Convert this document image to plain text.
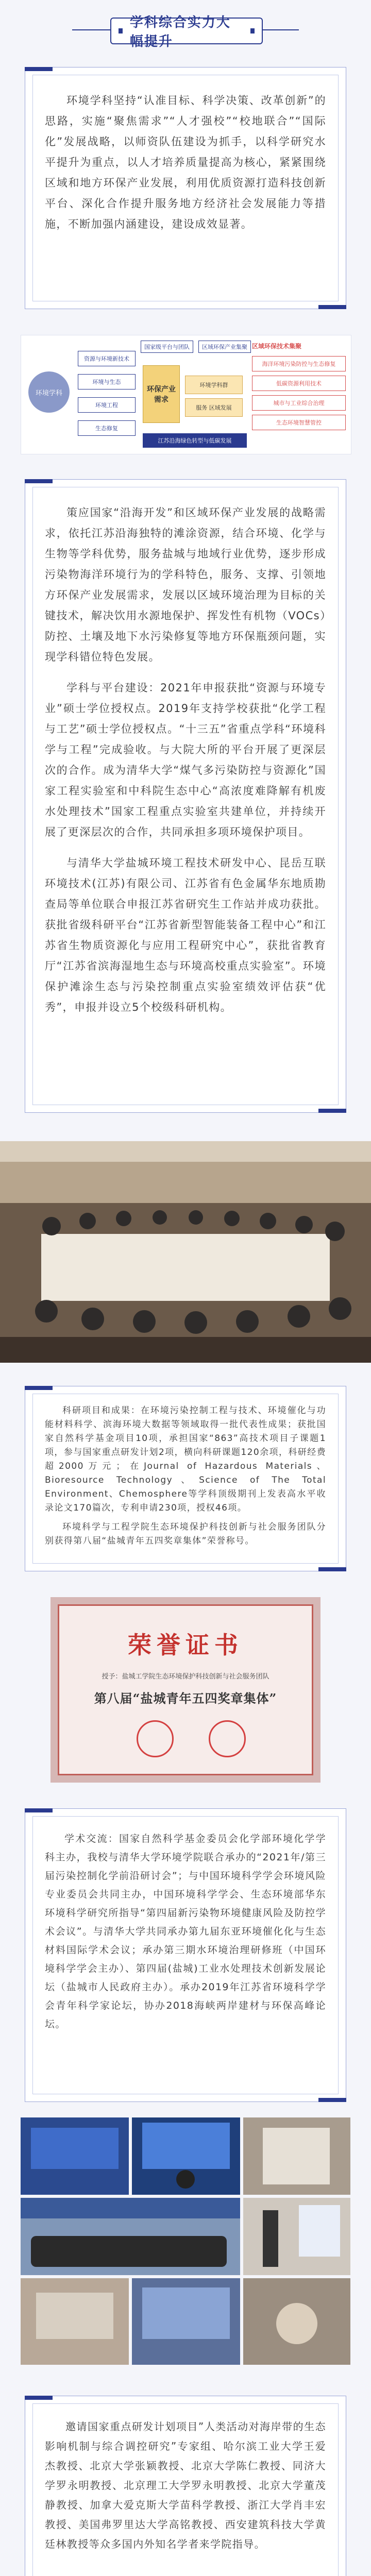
学科综合实力大幅提升

环境学科坚持“认准目标、科学决策、改革创新”的思路，实施“聚焦需求”“人才强校”“校地联合”“国际化”发展战略，以师资队伍建设为抓手，以科学研究水平提升为重点，以人才培养质量提高为核心，紧紧围绕区域和地方环保产业发展，利用优质资源打造科技创新平台、深化合作提升服务地方经济社会发展能力等措施，不断加强内涵建设，建设成效显著。

环境学科
资源与环境新技术
环境与生态
环境工程
生态修复
国家级平台与团队	区域环保产业集聚
环保产业 需求
环境学科群
服务 区域发展
区域环保技术集聚
海洋环境污染防控与生态修复
低碳资源利用技术
城市与工业综合治理
生态环境智慧管控
江苏沿海绿色转型与低碳发展

策应国家“沿海开发”和区域环保产业发展的战略需求，依托江苏沿海独特的滩涂资源，结合环境、化学与生物等学科优势，服务盐城与地域行业优势，逐步形成污染物海洋环境行为的学科特色，服务、支撑、引领地方环保产业发展需求，发展以区域环境治理为目标的关键技术，解决饮用水源地保护、挥发性有机物（VOCs）防控、土壤及地下水污染修复等地方环保瓶颈问题，实现学科错位特色发展。

学科与平台建设：2021年申报获批“资源与环境专业”硕士学位授权点。2019年支持学校获批“化学工程与工艺”硕士学位授权点。“十三五”省重点学科“环境科学与工程”完成验收。与大院大所的平台开展了更深层次的合作。成为清华大学“煤气多污染防控与资源化”国家工程实验室和中科院生态中心“高浓度难降解有机废水处理技术”国家工程重点实验室共建单位，并持续开展了更深层次的合作，共同承担多项环境保护项目。

与清华大学盐城环境工程技术研发中心、昆岳互联环境技术(江苏)有限公司、江苏省有色金属华东地质勘查局等单位联合申报江苏省研究生工作站并成功获批。获批省级科研平台“江苏省新型智能装备工程中心”和江苏省生物质资源化与应用工程研究中心”，获批省教育厅“江苏省滨海湿地生态与环境高校重点实验室”。环境保护滩涂生态与污染控制重点实验室绩效评估获“优秀”，申报并设立5个校级科研机构。

科研项目和成果：在环境污染控制工程与技术、环境催化与功能材料科学、滨海环境大数据等领域取得一批代表性成果；获批国家自然科学基金项目10项，承担国家“863”高技术项目子课题1项，参与国家重点研发计划2项，横向科研课题120余项，科研经费超2000万元；在Journal of Hazardous Materials、Bioresource Technology、Science of The Total Environment、Chemosphere等学科顶级期刊上发表高水平收录论文170篇次，专利申请230项，授权46项。

环境科学与工程学院生态环境保护科技创新与社会服务团队分别获得第八届“盐城青年五四奖章集体”荣誉称号。

荣誉证书
授予：盐城工学院生态环境保护科技创新与社会服务团队
第八届“盐城青年五四奖章集体”

学术交流：国家自然科学基金委员会化学部环境化学学科主办，我校与清华大学环境学院联合承办的“2021年/第三届污染控制化学前沿研讨会”；与中国环境科学学会环境风险专业委员会共同主办，中国环境科学学会、生态环境部华东环境科学研究所指导“第四届新污染物环境健康风险及防控学术会议”。与清华大学共同承办第九届东亚环境催化化与生态材料国际学术会议；承办第三期水环境治理研修班（中国环境科学学会主办）、第四届(盐城)工业水处理技术创新发展论坛（盐城市人民政府主办）。承办2019年江苏省环境科学学会青年科学家论坛，协办2018海峡两岸建材与环保高峰论坛。

邀请国家重点研发计划项目”人类活动对海岸带的生态影响机制与综合调控研究”专家组、哈尔滨工业大学王爱杰教授、北京大学张颖教授、北京大学陈仁教授、同济大学罗永明教授、北京理工大学罗永明教授、北京大学董茂静教授、加拿大爱克斯大学苗科学教授、浙江大学肖丰宏教授、美国弗罗里达大学高铭教授、西安建筑科技大学黄廷林教授等众多国内外知名学者来学院指导。
